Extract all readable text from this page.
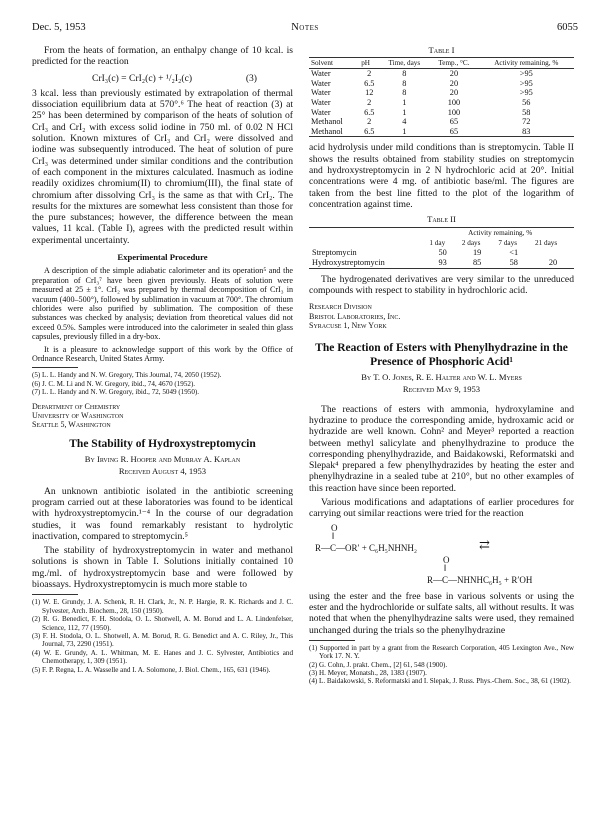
Dec. 5, 1953	Notes	6055

From the heats of formation, an enthalpy change of 10 kcal. is predicted for the reaction

CrI₃(c) = CrI₂(c) + ¹/₂I₂(c)	(3)

3 kcal. less than previously estimated by extrapolation of thermal dissociation equilibrium data at 570°.⁶ The heat of reaction (3) at 25° has been determined by comparison of the heats of solution of CrI₃ and CrI₂ with excess solid iodine in 750 ml. of 0.02 N HCl solution. Known mixtures of CrI₃ and CrI₂ were dissolved and iodine was subsequently introduced. The heat of solution of pure CrI₃ was determined under similar conditions and the contribution of each component in the mixtures calculated. Inasmuch as iodine readily oxidizes chromium(II) to chromium(III), the final state of chromium after dissolving CrI₃ is the same as that with CrI₂. The results for the mixtures are somewhat less consistent than those for the pure substances; however, the difference between the mean values, 11 kcal. (Table I), agrees with the predicted result within experimental uncertainty.

Experimental Procedure

A description of the simple adiabatic calorimeter and its operation⁵ and the preparation of CrI₃⁷ have been given previously. Heats of solution were measured at 25 ± 1°. CrI₂ was prepared by thermal decomposition of CrI₃ in vacuum (400–500°), followed by sublimation in vacuum at 700°. The chromium chlorides were also purified by sublimation. The composition of these substances was checked by analysis; deviation from theoretical values did not exceed 0.5%. Samples were introduced into the calorimeter in sealed thin glass capsules, previously filled in a dry-box.

It is a pleasure to acknowledge support of this work by the Office of Ordnance Research, United States Army.

(5) L. L. Handy and N. W. Gregory, This Journal, 74, 2050 (1952).

(6) J. C. M. Li and N. W. Gregory, ibid., 74, 4670 (1952).

(7) L. L. Handy and N. W. Gregory, ibid., 72, 5049 (1950).

Department of Chemistry
University of Washington
Seattle 5, Washington
The Stability of Hydroxystreptomycin
By Irving R. Hooper and Murray A. Kaplan
Received August 4, 1953

An unknown antibiotic isolated in the antibiotic screening program carried out at these laboratories was found to be identical with hydroxystreptomycin.¹⁻⁴ In the course of our degradation studies, it was found remarkably resistant to hydrolytic inactivation, compared to streptomycin.⁵

The stability of hydroxystreptomycin in water and methanol solutions is shown in Table I. Solutions initially contained 10 mg./ml. of hydroxystreptomycin base and were followed by bioassays. Hydroxystreptomycin is much more stable to

(1) W. E. Grundy, J. A. Schenk, R. H. Clark, Jr., N. P. Hargie, R. K. Richards and J. C. Sylvester, Arch. Biochem., 28, 150 (1950).

(2) R. G. Benedict, F. H. Stodola, O. L. Shotwell, A. M. Borud and L. A. Lindenfelser, Science, 112, 77 (1950).

(3) F. H. Stodola, O. L. Shotwell, A. M. Borud, R. G. Benedict and A. C. Riley, Jr., This Journal, 73, 2290 (1951).

(4) W. E. Grundy, A. L. Whitman, M. E. Hanes and J. C. Sylvester, Antibiotics and Chemotherapy, 1, 309 (1951).

(5) F. P. Regna, L. A. Wasselle and I. A. Solomone, J. Biol. Chem., 165, 631 (1946).

Table I
Solvent	pH	Time, days	Temp., °C.	Activity remaining, %
Water	2	8	20	>95
Water	6.5	8	20	>95
Water	12	8	20	>95
Water	2	1	100	56
Water	6.5	1	100	58
Methanol	2	4	65	72
Methanol	6.5	1	65	83

acid hydrolysis under mild conditions than is streptomycin. Table II shows the results obtained from stability studies on streptomycin and hydroxystreptomycin in 2 N hydrochloric acid at 20°. Initial concentrations were 4 mg. of antibiotic base/ml. The figures are taken from the best line fitted to the plot of the logarithm of concentration against time.

Table II
	Activity remaining, %			
	1 day	2 days	7 days	21 days
Streptomycin	50	19	<1	
Hydroxystreptomycin	93	85	58	20

The hydrogenated derivatives are very similar to the unreduced compounds with respect to stability in hydrochloric acid.

Research Division
Bristol Laboratories, Inc.
Syracuse 1, New York
The Reaction of Esters with Phenylhydrazine in the Presence of Phosphoric Acid¹
By T. O. Jones, R. E. Halter and W. L. Myers
Received May 9, 1953

The reactions of esters with ammonia, hydroxylamine and hydrazine to produce the corresponding amide, hydroxamic acid or hydrazide are well known. Cohn² and Meyer³ reported a reaction between methyl salicylate and phenylhydrazine to produce the corresponding phenylhydrazide, and Baidakowski, Reformatski and Slepak⁴ prepared a few phenylhydrazides by heating the ester and phenylhydrazine in a sealed tube at 210°, but no other examples of this reaction have since been reported.

Various modifications and adaptations of earlier procedures for carrying out similar reactions were tried for the reaction

O
‖
R—C—OR′ + C₆H₅NHNH₂	⇄
O
‖
R—C—NHNHC₆H₅ + R′OH

using the ester and the free base in various solvents or using the ester and the hydrochloride or sulfate salts, all without results. It was noted that when the phenylhydrazine salts were used, they remained unchanged during the trials so the phenylhydrazine

(1) Supported in part by a grant from the Research Corporation, 405 Lexington Ave., New York 17. N. Y.

(2) G. Cohn, J. prakt. Chem., [2] 61, 548 (1900).

(3) H. Meyer, Monatsh., 28, 1383 (1907).

(4) L. Baidakowski, S. Reformatski and I. Slepak, J. Russ. Phys.-Chem. Soc., 38, 61 (1902).
